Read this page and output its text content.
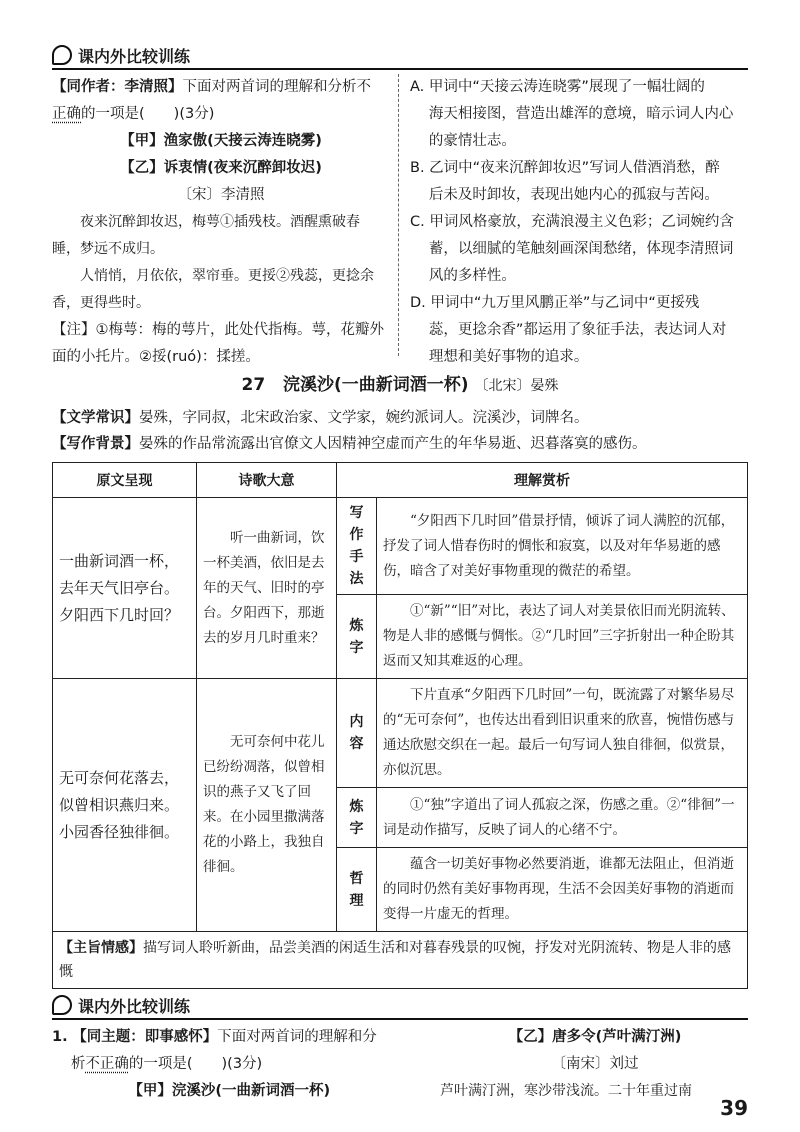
课内外比较训练
【同作者：李清照】下面对两首词的理解和分析不
正确的一项是(　　)(3分)
【甲】渔家傲(天接云涛连晓雾)
【乙】诉衷情(夜来沉醉卸妆迟)
〔宋〕李清照
夜来沉醉卸妆迟，梅萼①插残枝。酒醒熏破春
睡，梦远不成归。
人悄悄，月依依，翠帘垂。更挼②残蕊，更捻余
香，更得些时。
【注】①梅萼：梅的萼片，此处代指梅。萼，花瓣外
面的小托片。②挼(ruó)：揉搓。
A. 甲词中“天接云涛连晓雾”展现了一幅壮阔的
海天相接图，营造出雄浑的意境，暗示词人内心
的豪情壮志。
B. 乙词中“夜来沉醉卸妆迟”写词人借酒消愁，醉
后未及时卸妆，表现出她内心的孤寂与苦闷。
C. 甲词风格豪放，充满浪漫主义色彩；乙词婉约含
蓄，以细腻的笔触刻画深闺愁绪，体现李清照词
风的多样性。
D. 甲词中“九万里风鹏正举”与乙词中“更挼残
蕊，更捻余香”都运用了象征手法，表达词人对
理想和美好事物的追求。
27 浣溪沙(一曲新词酒一杯) 〔北宋〕晏殊
【文学常识】晏殊，字同叔，北宋政治家、文学家，婉约派词人。浣溪沙，词牌名。
【写作背景】晏殊的作品常流露出官僚文人因精神空虚而产生的年华易逝、迟暮落寞的感伤。
原文呈现	诗歌大意	理解赏析	

一曲新词酒一杯，
去年天气旧亭台。
夕阳西下几时回？	听一曲新词，饮一杯美酒，依旧是去年的天气、旧时的亭台。夕阳西下，那逝去的岁月几时重来？	写作手法	“夕阳西下几时回”借景抒情，倾诉了词人满腔的沉郁，抒发了词人惜春伤时的惆怅和寂寞，以及对年华易逝的感伤，暗含了对美好事物重现的微茫的希望。
		炼字	①“新”“旧”对比，表达了词人对美景依旧而光阴流转、物是人非的感慨与惆怅。②“几时回”三字折射出一种企盼其返而又知其难返的心理。

无可奈何花落去，
似曾相识燕归来。
小园香径独徘徊。	无可奈何中花儿已纷纷凋落，似曾相识的燕子又飞了回来。在小园里撒满落花的小路上，我独自徘徊。	内容	下片直承“夕阳西下几时回”一句，既流露了对繁华易尽的“无可奈何”，也传达出看到旧识重来的欣喜，惋惜伤感与通达欣慰交织在一起。最后一句写词人独自徘徊，似赏景，亦似沉思。
		炼字	①“独”字道出了词人孤寂之深，伤感之重。②“徘徊”一词是动作描写，反映了词人的心绪不宁。
		哲理	蕴含一切美好事物必然要消逝，谁都无法阻止，但消逝的同时仍然有美好事物再现，生活不会因美好事物的消逝而变得一片虚无的哲理。
【主旨情感】描写词人聆听新曲，品尝美酒的闲适生活和对暮春残景的叹惋，抒发对光阴流转、物是人非的感慨			
课内外比较训练
1. 【同主题：即事感怀】下面对两首词的理解和分
析不正确的一项是(　　)(3分)
【甲】浣溪沙(一曲新词酒一杯)
【乙】唐多令(芦叶满汀洲)
〔南宋〕刘过
芦叶满汀洲，寒沙带浅流。二十年重过南
39
